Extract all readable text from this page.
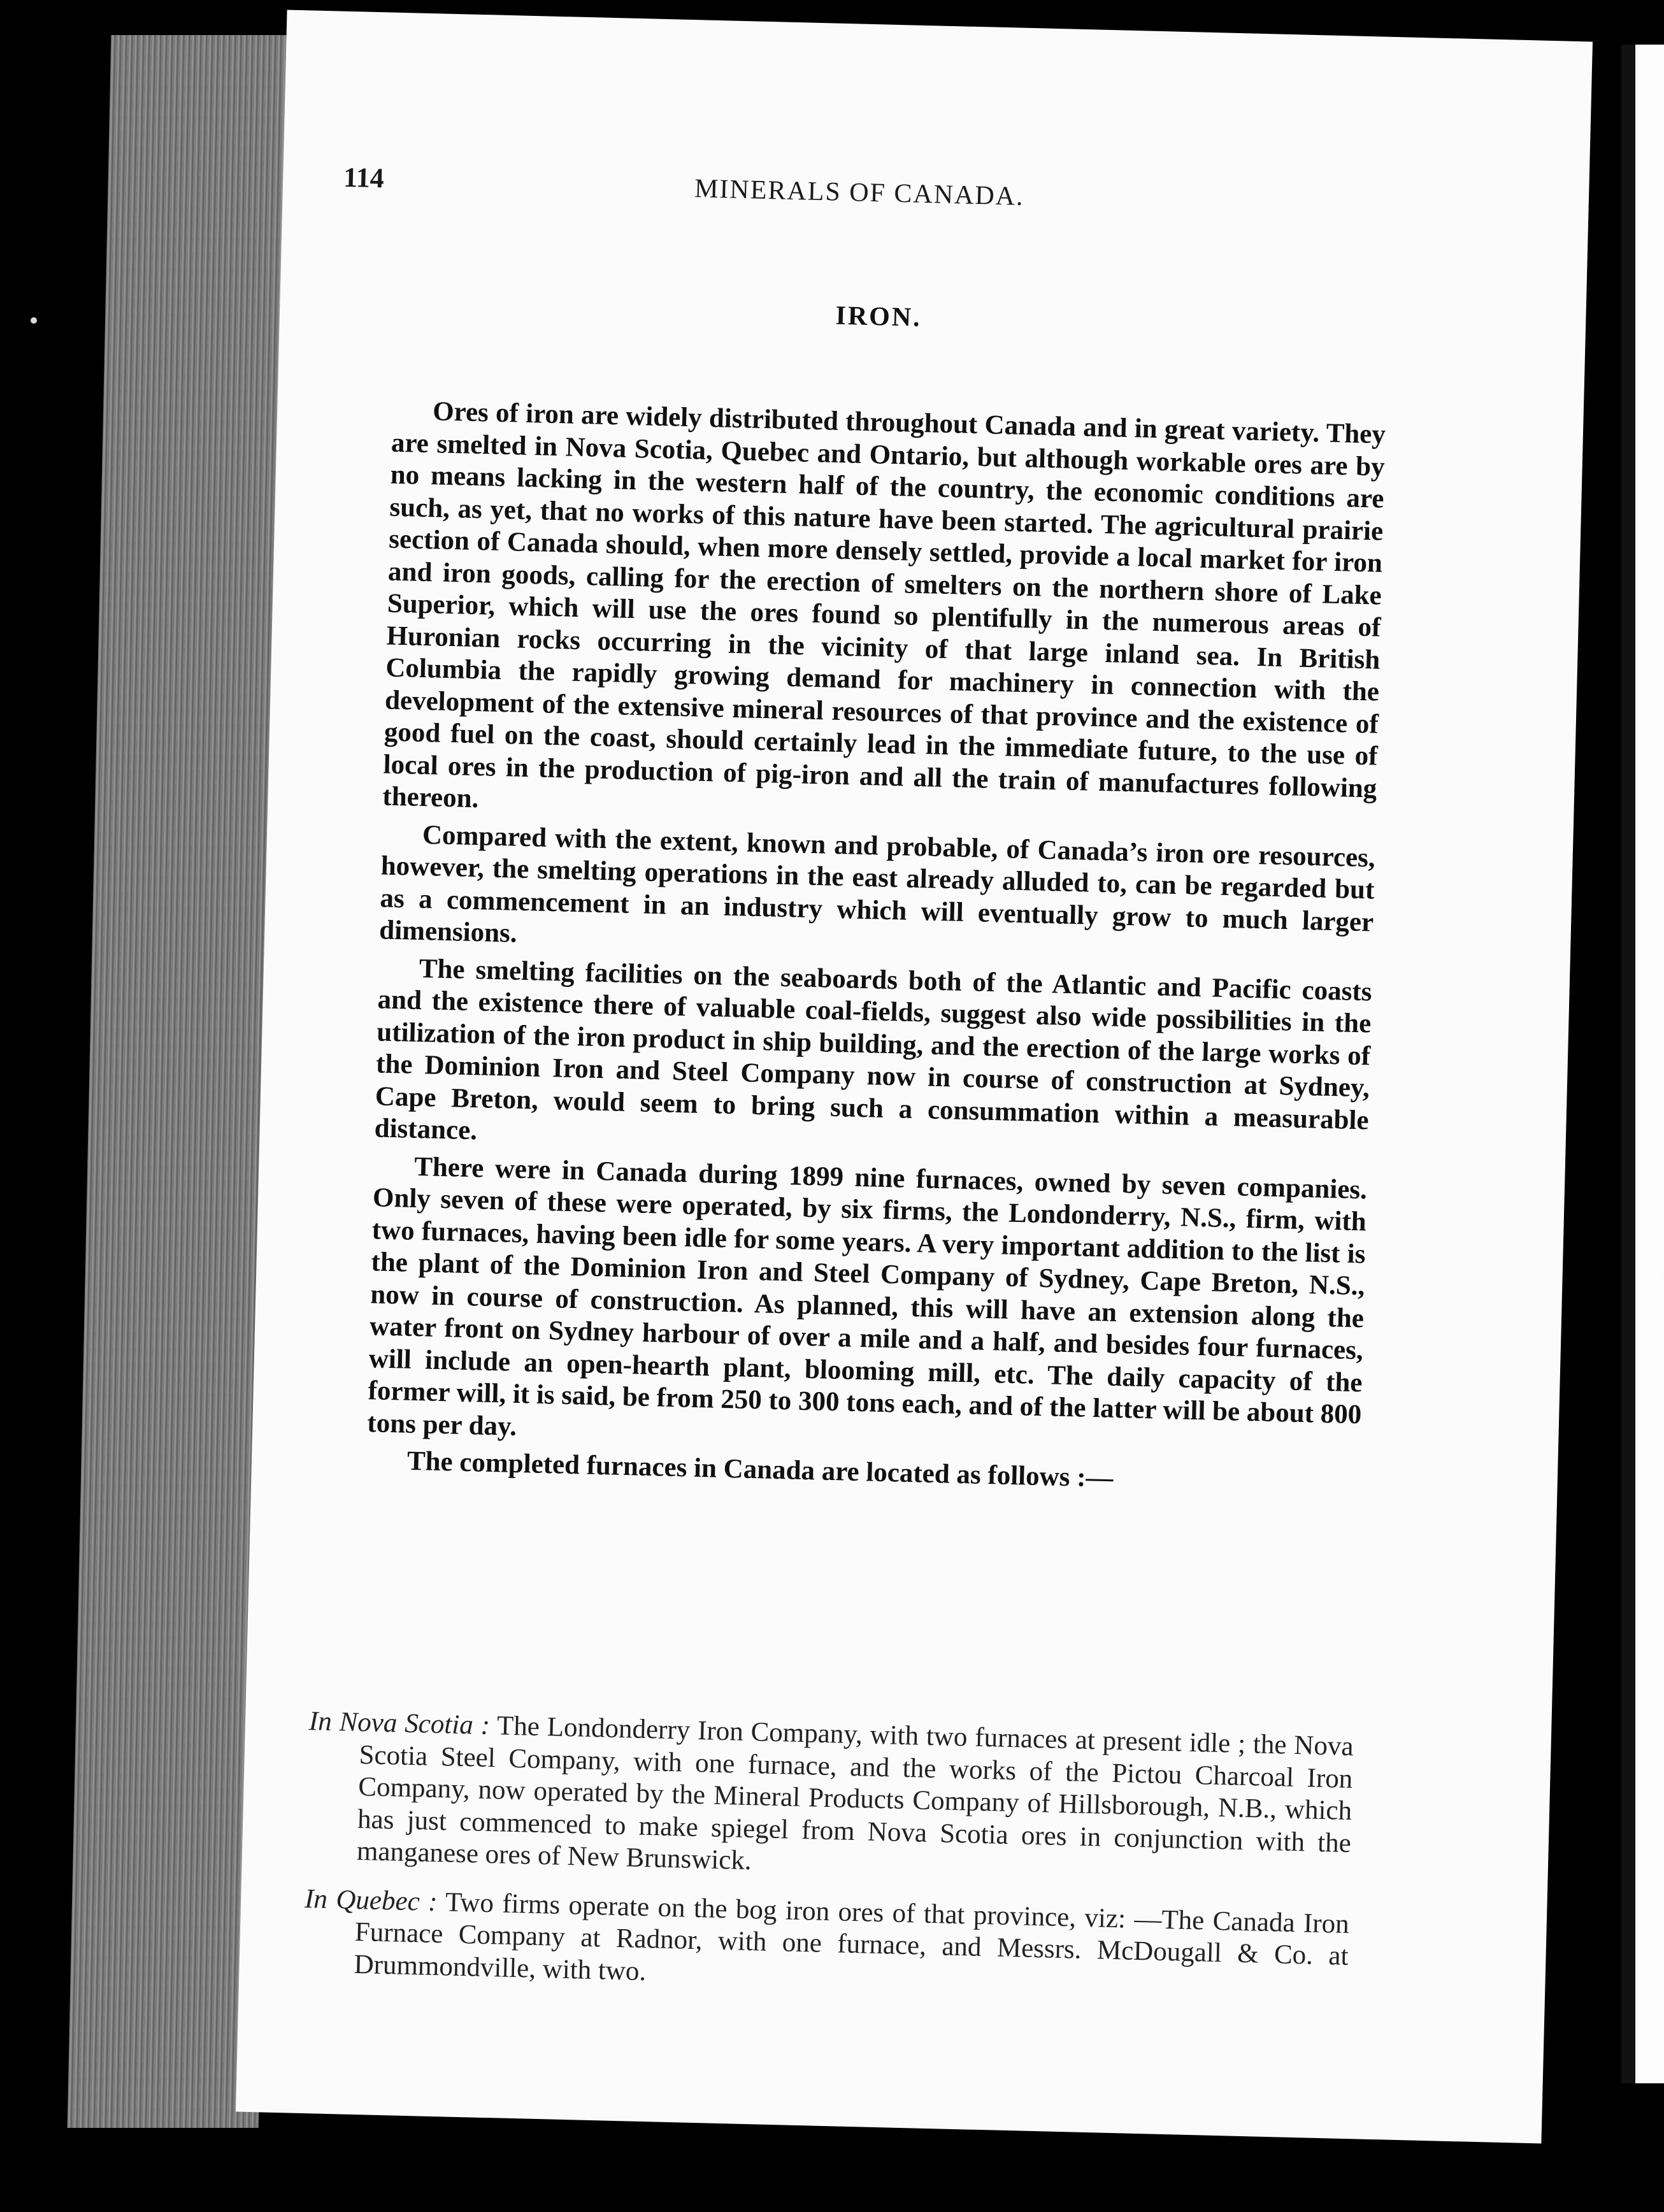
114	MINERALS OF CANADA.
IRON.

Ores of iron are widely distributed throughout Canada and in great variety. They are smelted in Nova Scotia, Quebec and Ontario, but although workable ores are by no means lacking in the western half of the country, the economic conditions are such, as yet, that no works of this nature have been started. The agricultural prairie section of Canada should, when more densely settled, provide a local market for iron and iron goods, calling for the erection of smelters on the northern shore of Lake Superior, which will use the ores found so plentifully in the numerous areas of Huronian rocks occurring in the vicinity of that large inland sea. In British Columbia the rapidly growing demand for machinery in connection with the development of the extensive mineral resources of that province and the existence of good fuel on the coast, should certainly lead in the immediate future, to the use of local ores in the production of pig-iron and all the train of manufactures following thereon.

Compared with the extent, known and probable, of Canada’s iron ore resources, however, the smelting operations in the east already alluded to, can be regarded but as a commencement in an industry which will eventually grow to much larger dimensions.

The smelting facilities on the seaboards both of the Atlantic and Pacific coasts and the existence there of valuable coal-fields, suggest also wide possibilities in the utilization of the iron product in ship building, and the erection of the large works of the Dominion Iron and Steel Company now in course of construction at Sydney, Cape Breton, would seem to bring such a consummation within a measurable distance.

There were in Canada during 1899 nine furnaces, owned by seven companies. Only seven of these were operated, by six firms, the Londonderry, N.S., firm, with two furnaces, having been idle for some years. A very important addition to the list is the plant of the Dominion Iron and Steel Company of Sydney, Cape Breton, N.S., now in course of construction. As planned, this will have an extension along the water front on Sydney harbour of over a mile and a half, and besides four furnaces, will include an open-hearth plant, blooming mill, etc. The daily capacity of the former will, it is said, be from 250 to 300 tons each, and of the latter will be about 800 tons per day.

The completed furnaces in Canada are located as follows :—

In Nova Scotia : The Londonderry Iron Company, with two furnaces at present idle ; the Nova Scotia Steel Company, with one furnace, and the works of the Pictou Charcoal Iron Company, now operated by the Mineral Products Company of Hillsborough, N.B., which has just commenced to make spiegel from Nova Scotia ores in conjunction with the manganese ores of New Brunswick.

In Quebec : Two firms operate on the bog iron ores of that province, viz: —The Canada Iron Furnace Company at Radnor, with one furnace, and Messrs. McDougall & Co. at Drummondville, with two.
